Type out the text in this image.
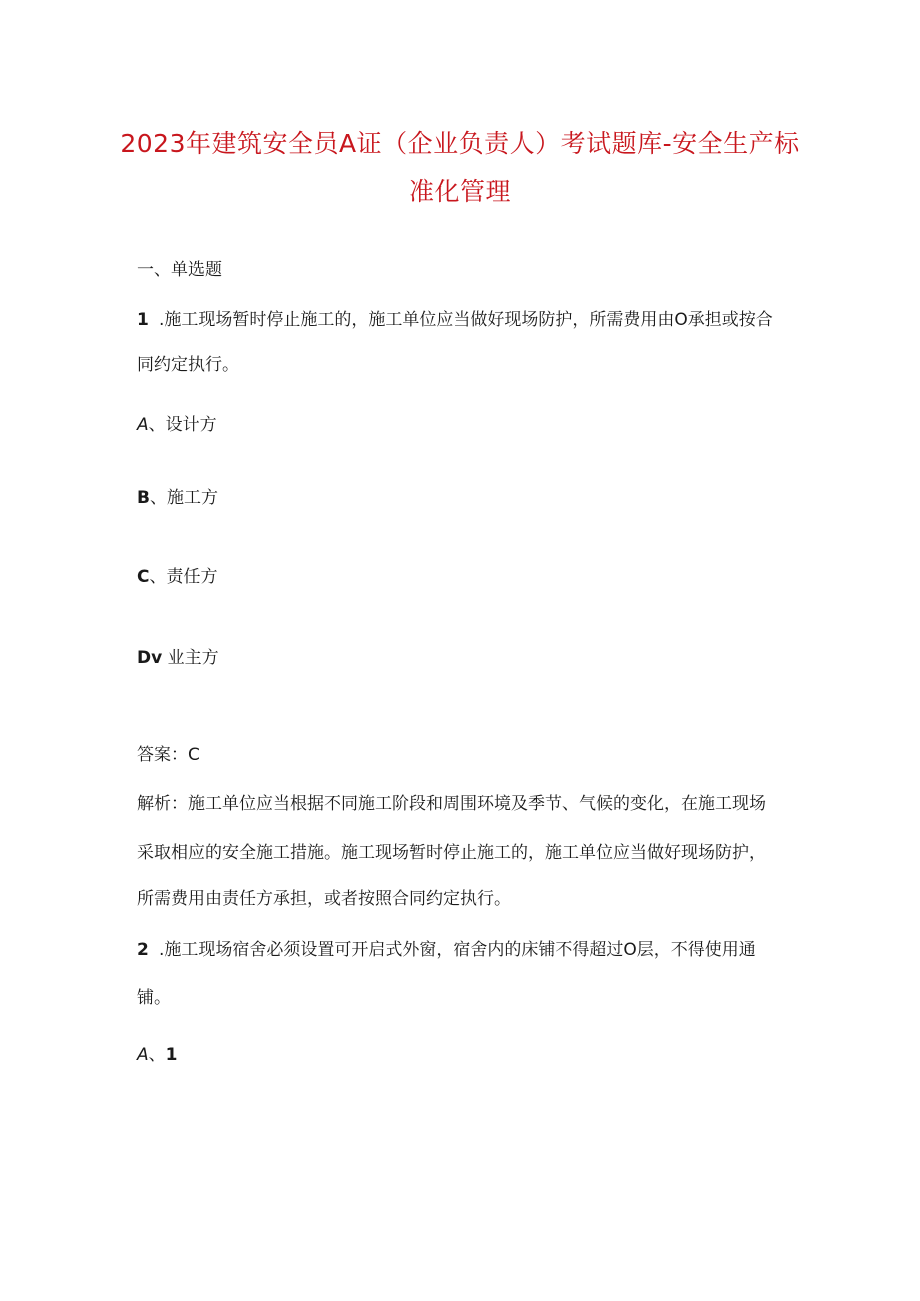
2023年建筑安全员A证（企业负责人）考试题库-安全生产标
准化管理
一、单选题
1 .施工现场暂时停止施工的，施工单位应当做好现场防护，所需费用由O承担或按合
同约定执行。
A、设计方
B、施工方
C、责任方
Dv 业主方
答案：C
解析：施工单位应当根据不同施工阶段和周围环境及季节、气候的变化，在施工现场
采取相应的安全施工措施。施工现场暂时停止施工的，施工单位应当做好现场防护，
所需费用由责任方承担，或者按照合同约定执行。
2 .施工现场宿舍必须设置可开启式外窗，宿舍内的床铺不得超过O层，不得使用通
铺。
A、1
